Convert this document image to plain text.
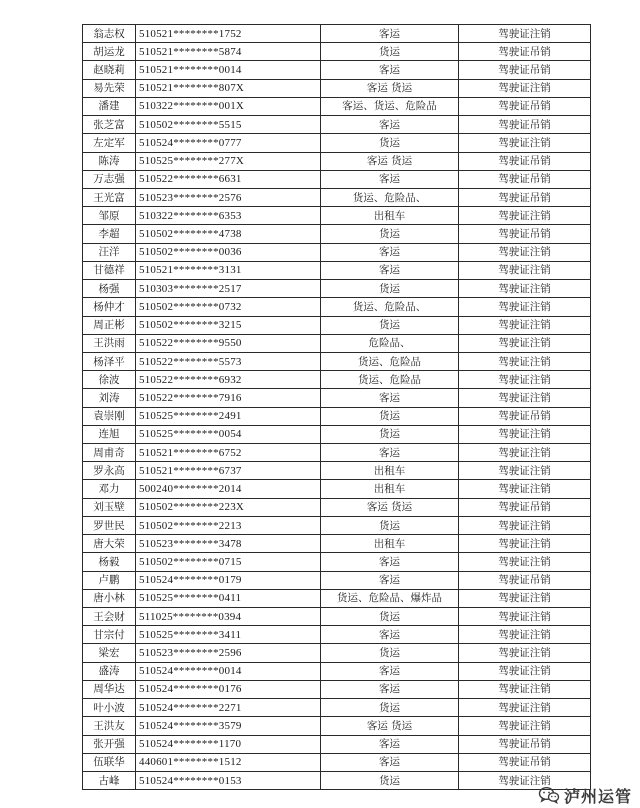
翁志权	510521********1752	客运	驾驶证注销
胡运龙	510521********5874	货运	驾驶证吊销
赵晓莉	510521********0014	客运	驾驶证吊销
易先荣	510521********807X	客运 货运	驾驶证注销
潘建	510322********001X	客运、货运、危险品	驾驶证吊销
张芝富	510502********5515	客运	驾驶证吊销
左定军	510524********0777	货运	驾驶证注销
陈涛	510525********277X	客运 货运	驾驶证吊销
万志强	510522********6631	客运	驾驶证吊销
王光富	510523********2576	货运、危险品、	驾驶证吊销
邹原	510322********6353	出租车	驾驶证注销
李超	510502********4738	货运	驾驶证吊销
汪洋	510502********0036	客运	驾驶证注销
甘德祥	510521********3131	客运	驾驶证注销
杨强	510303********2517	货运	驾驶证注销
杨仲才	510502********0732	货运、危险品、	驾驶证注销
周正彬	510502********3215	货运	驾驶证注销
王洪雨	510522********9550	危险品、	驾驶证注销
杨泽平	510522********5573	货运、危险品	驾驶证注销
徐波	510522********6932	货运、危险品	驾驶证注销
刘涛	510522********7916	客运	驾驶证注销
袁崇刚	510525********2491	货运	驾驶证吊销
连旭	510525********0054	货运	驾驶证注销
周甫奇	510521********6752	客运	驾驶证注销
罗永高	510521********6737	出租车	驾驶证注销
邓力	500240********2014	出租车	驾驶证注销
刘玉壁	510502********223X	客运 货运	驾驶证吊销
罗世民	510502********2213	货运	驾驶证注销
唐大荣	510523********3478	出租车	驾驶证注销
杨毅	510502********0715	客运	驾驶证注销
卢鹏	510524********0179	客运	驾驶证吊销
唐小林	510525********0411	货运、危险品、爆炸品	驾驶证注销
王会财	511025********0394	货运	驾驶证注销
甘宗付	510525********3411	客运	驾驶证注销
梁宏	510523********2596	货运	驾驶证注销
盛涛	510524********0014	客运	驾驶证注销
周华达	510524********0176	客运	驾驶证注销
叶小波	510524********2271	货运	驾驶证注销
王洪友	510524********3579	客运 货运	驾驶证注销
张开强	510524********1170	客运	驾驶证吊销
伍联华	440601********1512	客运	驾驶证吊销
古峰	510524********0153	货运	驾驶证注销
泸州运管
